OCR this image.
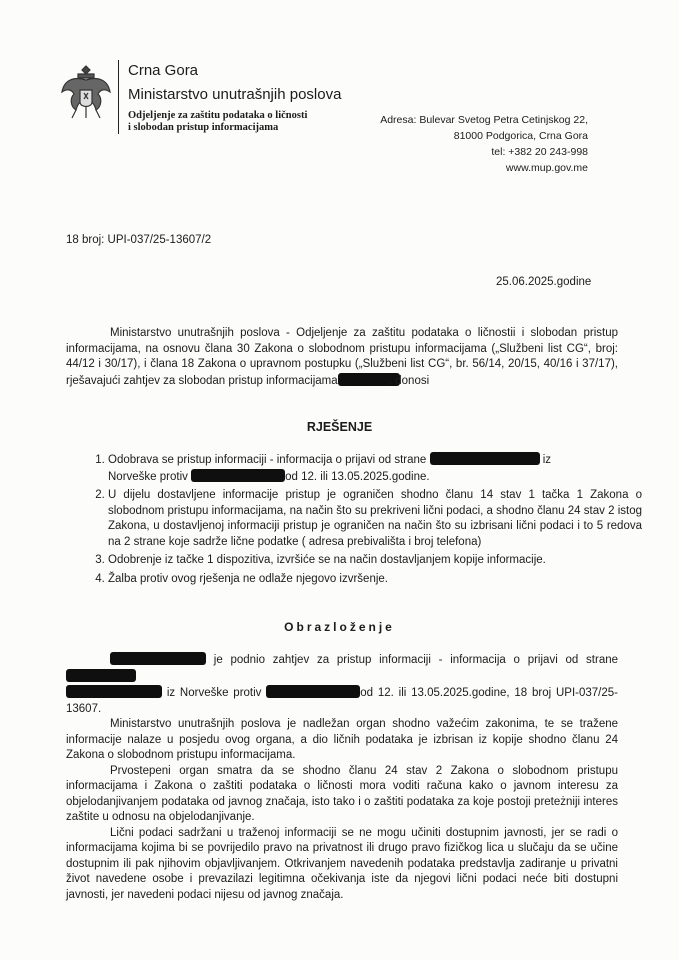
Crna Gora
Ministarstvo unutrašnjih poslova
Odjeljenje za zaštitu podataka o ličnosti
i slobodan pristup informacijama
Adresa: Bulevar Svetog Petra Cetinjskog 22,
81000 Podgorica, Crna Gora
tel: +382 20 243-998
www.mup.gov.me
18 broj: UPI-037/25-13607/2
25.06.2025.godine
Ministarstvo unutrašnjih poslova - Odjeljenje za zaštitu podataka o ličnostii i slobodan pristup informacijama, na osnovu člana 30 Zakona o slobodnom pristupu informacijama („Službeni list CG“, broj: 44/12 i 30/17), i člana 18 Zakona o upravnom postupku („Službeni list CG“, br. 56/14, 20/15, 40/16 i 37/17), rješavajući zahtjev za slobodan pristup informacijama	, donosi
RJEŠENJE
1. Odobrava se pristup informaciji - informacija o prijavi od strane	iz
Norveške protiv	od 12. ili 13.05.2025.godine.
2. U dijelu dostavljene informacije pristup je ograničen shodno članu 14 stav 1 tačka 1 Zakona o slobodnom pristupu informacijama, na način što su prekriveni lični podaci, a shodno članu 24 stav 2 istog Zakona, u dostavljenoj informaciji pristup je ograničen na način što su izbrisani lični podaci i to 5 redova na 2 strane koje sadrže lične podatke ( adresa prebivališta i broj telefona)
3. Odobrenje iz tačke 1 dispozitiva, izvršiće se na način dostavljanjem kopije informacije.
4. Žalba protiv ovog rješenja ne odlaže njegovo izvršenje.
Obrazloženje
je podnio zahtjev za pristup informaciji - informacija o prijavi od strane
iz Norveške protiv	od 12. ili 13.05.2025.godine, 18 broj UPI-037/25-13607.
Ministarstvo unutrašnjih poslova je nadležan organ shodno važećim zakonima, te se tražene informacije nalaze u posjedu ovog organa, a dio ličnih podataka je izbrisan iz kopije shodno članu 24 Zakona o slobodnom pristupu informacijama.
Prvostepeni organ smatra da se shodno članu 24 stav 2 Zakona o slobodnom pristupu informacijama i Zakona o zaštiti podataka o ličnosti mora voditi računa kako o javnom interesu za objelodanjivanjem podataka od javnog značaja, isto tako i o zaštiti podataka za koje postoji preteżniji interes zaštite u odnosu na objelodanjivanje.
Lični podaci sadržani u traženoj informaciji se ne mogu učiniti dostupnim javnosti, jer se radi o informacijama kojima bi se povrijedilo pravo na privatnost ili drugo pravo fizičkog lica u slučaju da se učine dostupnim ili pak njihovim objavljivanjem. Otkrivanjem navedenih podataka predstavlja zadiranje u privatni život navedene osobe i prevazilazi legitimna očekivanja iste da njegovi lični podaci neće biti dostupni javnosti, jer navedeni podaci nijesu od javnog značaja.
